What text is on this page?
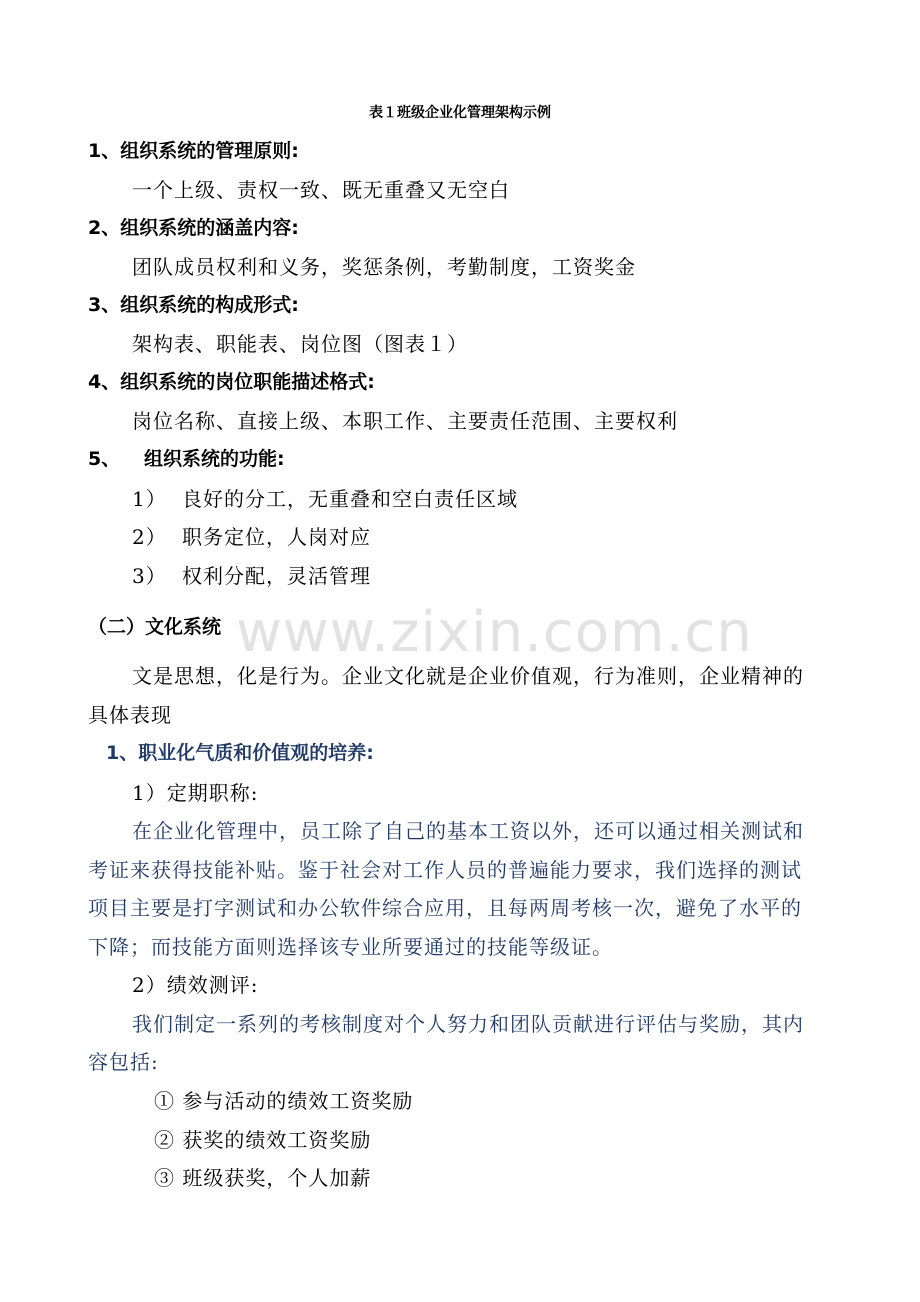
表１班级企业化管理架构示例
1、组织系统的管理原则:
一个上级、责权一致、既无重叠又无空白
2、组织系统的涵盖内容:
团队成员权利和义务，奖惩条例，考勤制度，工资奖金
3、组织系统的构成形式:
架构表、职能表、岗位图（图表１）
4、组织系统的岗位职能描述格式:
岗位名称、直接上级、本职工作、主要责任范围、主要权利
5、 组织系统的功能:
1） 良好的分工，无重叠和空白责任区域
2） 职务定位，人岗对应
3） 权利分配，灵活管理
（二）文化系统
文是思想，化是行为。企业文化就是企业价值观，行为准则，企业精神的
具体表现
1、职业化气质和价值观的培养:
1）定期职称:
在企业化管理中，员工除了自己的基本工资以外，还可以通过相关测试和
考证来获得技能补贴。鉴于社会对工作人员的普遍能力要求，我们选择的测试
项目主要是打字测试和办公软件综合应用，且每两周考核一次，避免了水平的
下降；而技能方面则选择该专业所要通过的技能等级证。
2）绩效测评:
我们制定一系列的考核制度对个人努力和团队贡献进行评估与奖励，其内
容包括:
① 参与活动的绩效工资奖励
② 获奖的绩效工资奖励
③ 班级获奖，个人加薪
www.zixin.com.cn
